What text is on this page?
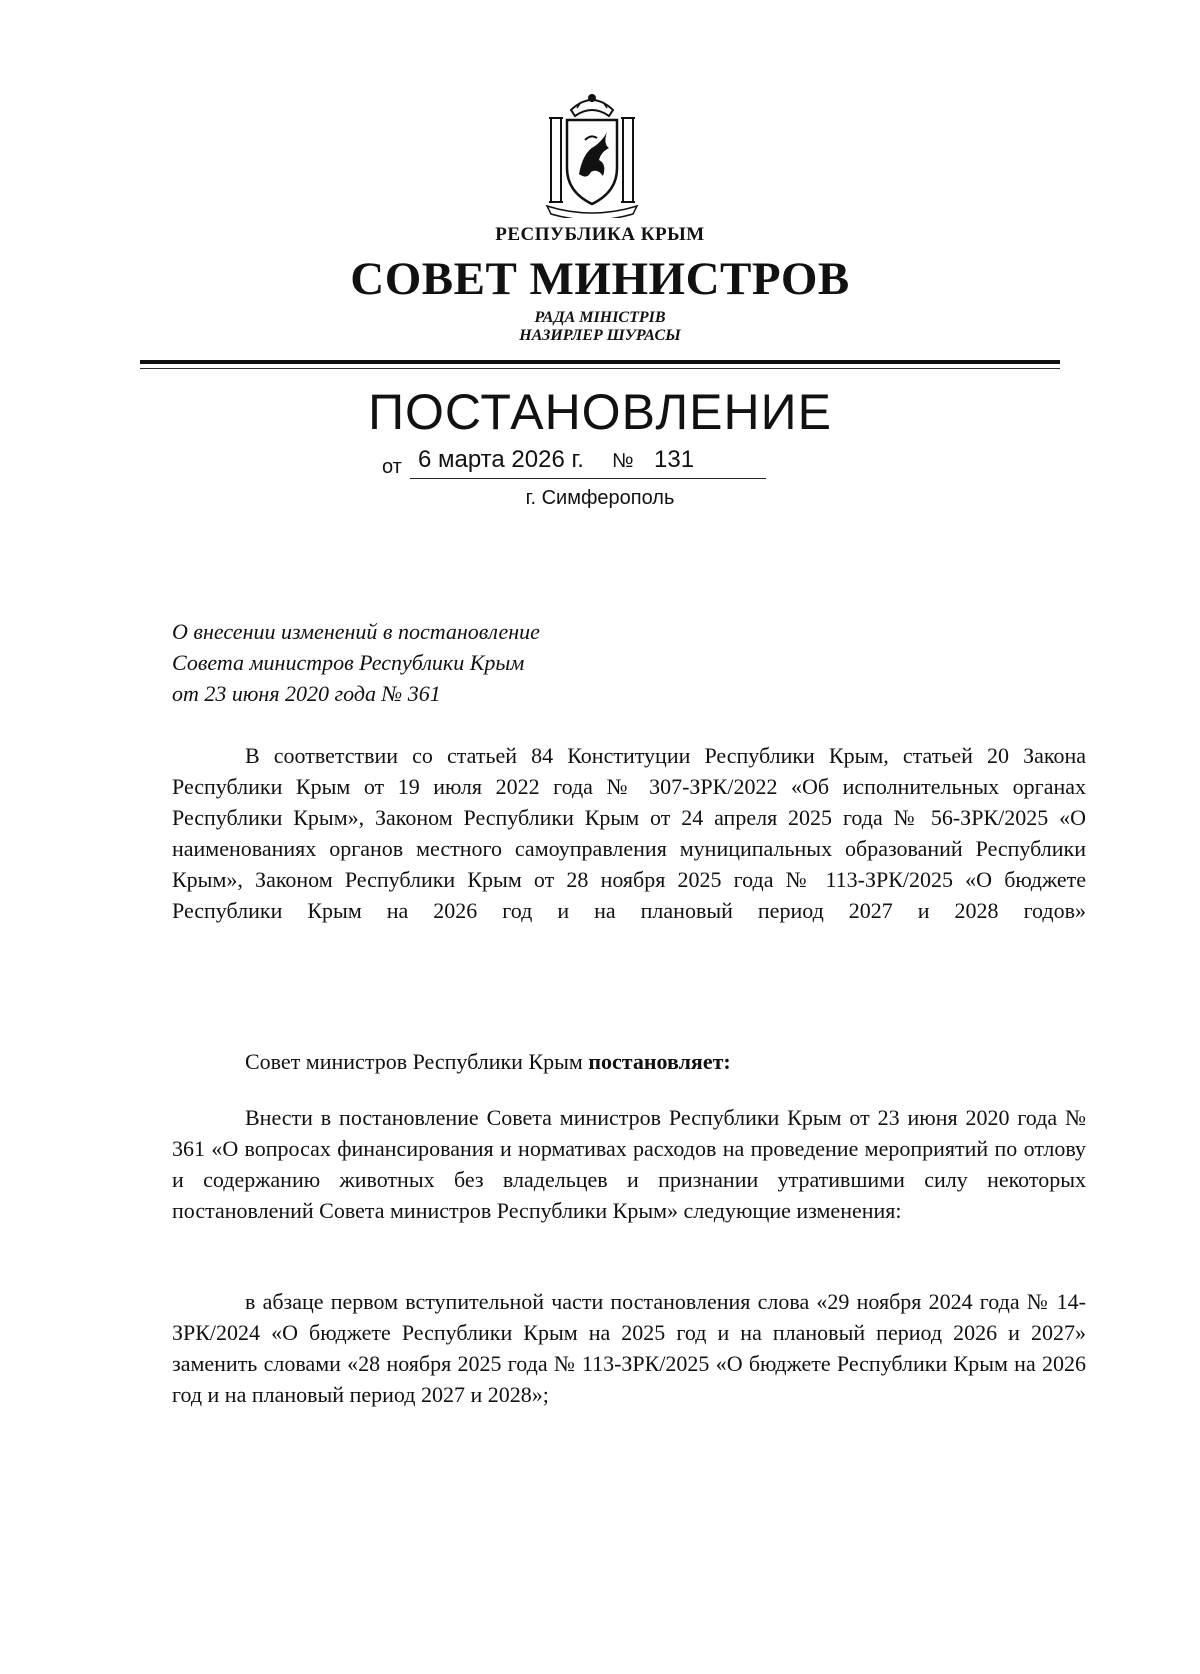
РЕСПУБЛИКА КРЫМ
СОВЕТ МИНИСТРОВ
РАДА МІНІСТРІВ
НАЗИРЛЕР ШУРАСЫ
ПОСТАНОВЛЕНИЕ
от 6 марта 2026 г. № 131
г. Симферополь
О внесении изменений в постановление
Совета министров Республики Крым
от 23 июня 2020 года № 361
В соответствии со статьей 84 Конституции Республики Крым, статьей 20 Закона Республики Крым от 19 июля 2022 года № 307-ЗРК/2022 «Об исполнительных органах Республики Крым», Законом Республики Крым от 24 апреля 2025 года № 56-ЗРК/2025 «О наименованиях органов местного самоуправления муниципальных образований Республики Крым», Законом Республики Крым от 28 ноября 2025 года № 113-ЗРК/2025 «О бюджете Республики Крым на 2026 год и на плановый период 2027 и 2028 годов»
Совет министров Республики Крым постановляет:
Внести в постановление Совета министров Республики Крым от 23 июня 2020 года № 361 «О вопросах финансирования и нормативах расходов на проведение мероприятий по отлову и содержанию животных без владельцев и признании утратившими силу некоторых постановлений Совета министров Республики Крым» следующие изменения:
в абзаце первом вступительной части постановления слова «29 ноября 2024 года № 14-ЗРК/2024 «О бюджете Республики Крым на 2025 год и на плановый период 2026 и 2027» заменить словами «28 ноября 2025 года № 113-ЗРК/2025 «О бюджете Республики Крым на 2026 год и на плановый период 2027 и 2028»;
